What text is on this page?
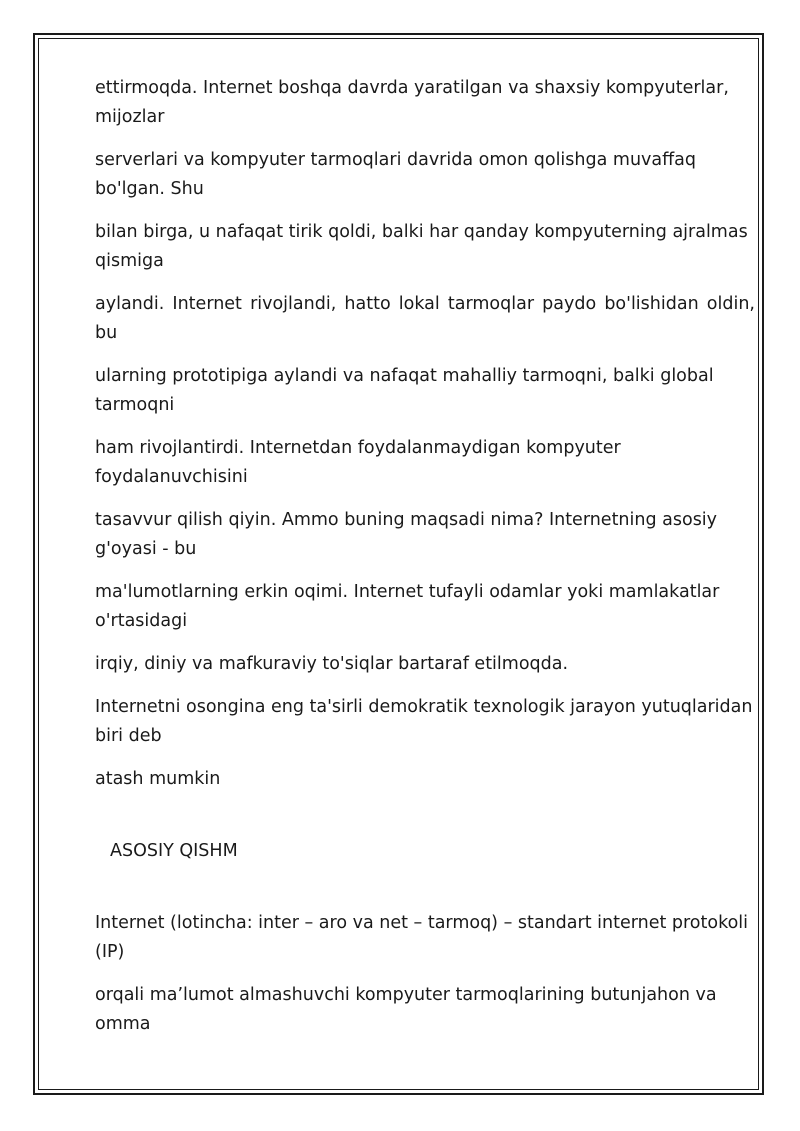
ettirmoqda. Internet boshqa davrda yaratilgan va shaxsiy kompyuterlar, mijozlar

serverlari va kompyuter tarmoqlari davrida omon qolishga muvaffaq bo'lgan. Shu

bilan birga, u nafaqat tirik qoldi, balki har qanday kompyuterning ajralmas qismiga

aylandi. Internet rivojlandi, hatto lokal tarmoqlar paydo bo'lishidan oldin, bu

ularning prototipiga aylandi va nafaqat mahalliy tarmoqni, balki global tarmoqni

ham rivojlantirdi. Internetdan foydalanmaydigan kompyuter foydalanuvchisini

tasavvur qilish qiyin. Ammo buning maqsadi nima? Internetning asosiy g'oyasi - bu

ma'lumotlarning erkin oqimi. Internet tufayli odamlar yoki mamlakatlar o'rtasidagi

irqiy, diniy va mafkuraviy to'siqlar bartaraf etilmoqda.

Internetni osongina eng ta'sirli demokratik texnologik jarayon yutuqlaridan biri deb

atash mumkin

ASOSIY QISHM

Internet (lotincha: inter – aro va net – tarmoq) – standart internet protokoli (IP)

orqali ma’lumot almashuvchi kompyuter tarmoqlarining butunjahon va omma
